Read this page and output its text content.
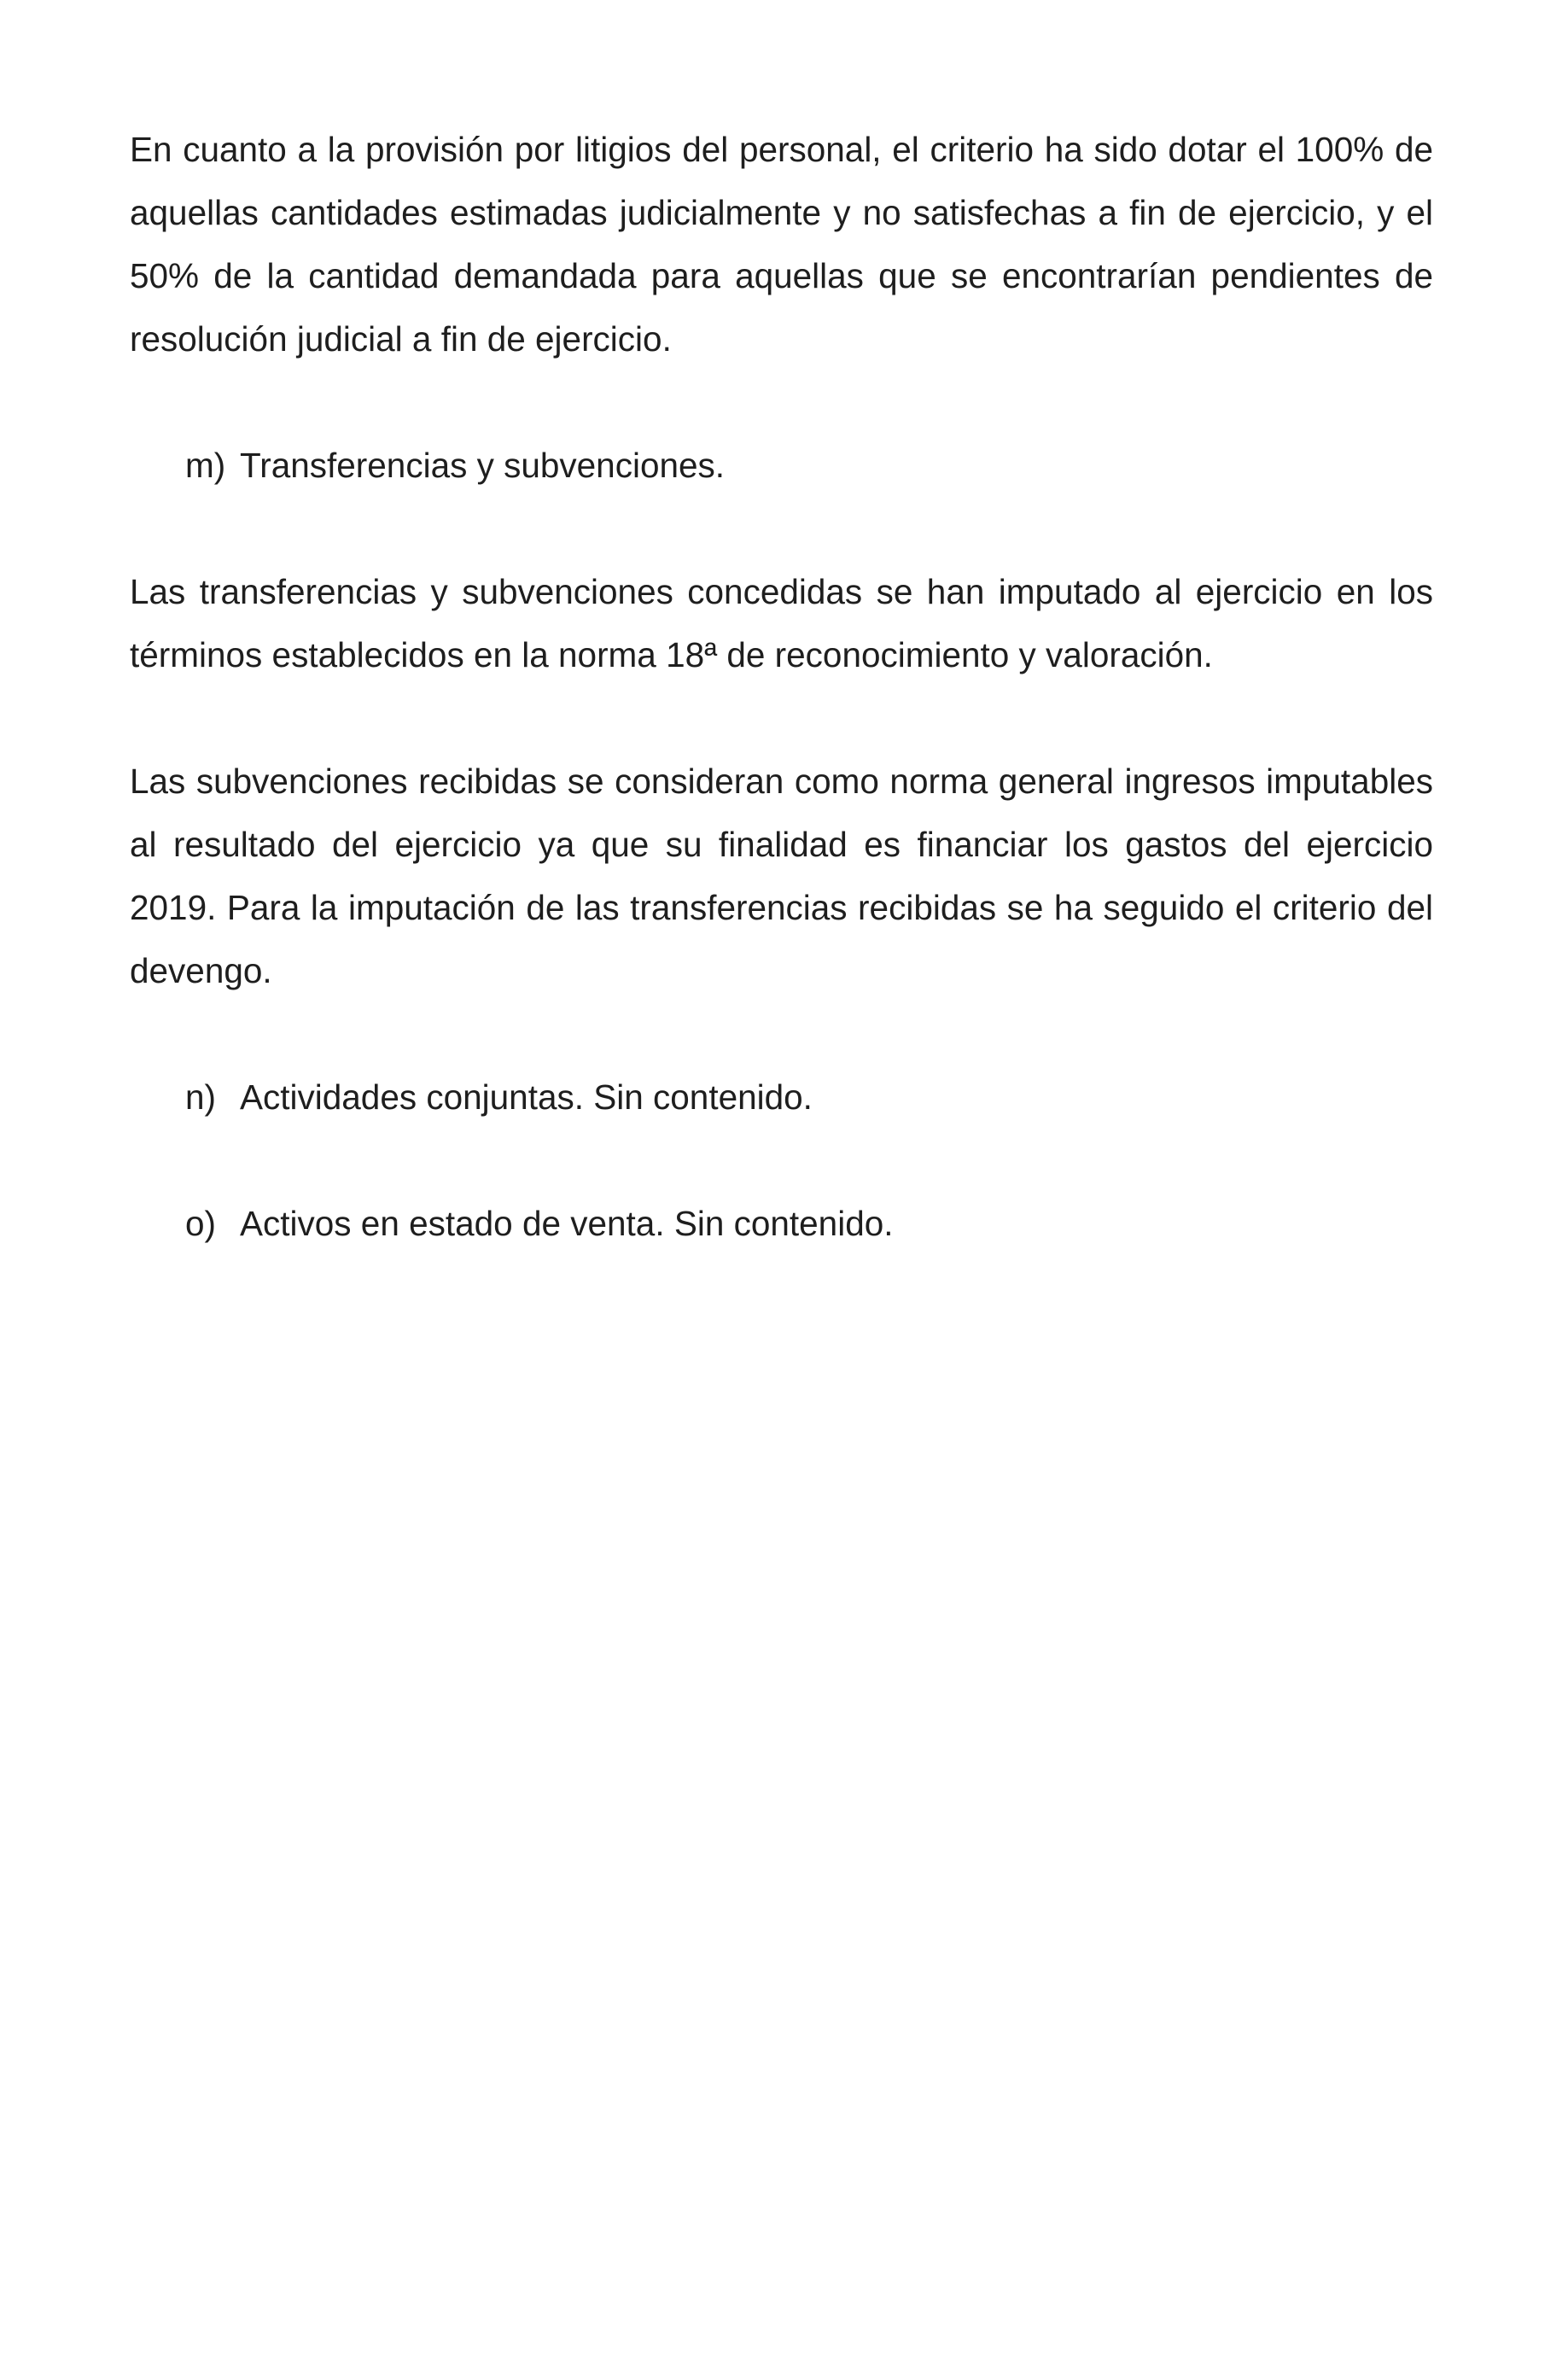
En cuanto a la provisión por litigios del personal, el criterio ha sido dotar el 100% de aquellas cantidades estimadas judicialmente y no satisfechas a fin de ejercicio, y el 50% de la cantidad demandada para aquellas que se encontrarían pendientes de resolución judicial a fin de ejercicio.

m) Transferencias y subvenciones.

Las transferencias y subvenciones concedidas se han imputado al ejercicio en los términos establecidos en la norma 18ª de reconocimiento y valoración.

Las subvenciones recibidas se consideran como norma general ingresos imputables al resultado del ejercicio ya que su finalidad es financiar los gastos del ejercicio 2019. Para la imputación de las transferencias recibidas se ha seguido el criterio del devengo.

n) Actividades conjuntas. Sin contenido.

o) Activos en estado de venta. Sin contenido.
